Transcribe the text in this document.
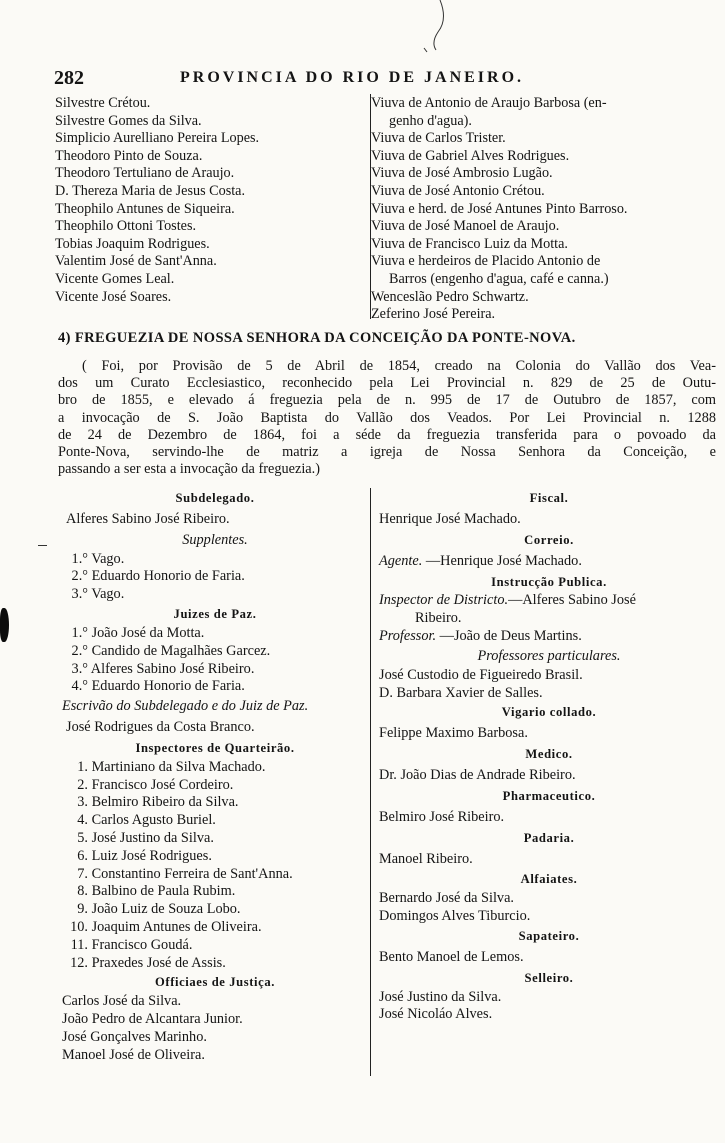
282	PROVINCIA DO RIO DE JANEIRO.
Silvestre Crétou.
Silvestre Gomes da Silva.
Simplicio Aurelliano Pereira Lopes.
Theodoro Pinto de Souza.
Theodoro Tertuliano de Araujo.
D. Thereza Maria de Jesus Costa.
Theophilo Antunes de Siqueira.
Theophilo Ottoni Tostes.
Tobias Joaquim Rodrigues.
Valentim José de Sant'Anna.
Vicente Gomes Leal.
Vicente José Soares.
Viuva de Antonio de Araujo Barbosa (en-
genho d'agua).
Viuva de Carlos Trister.
Viuva de Gabriel Alves Rodrigues.
Viuva de José Ambrosio Lugão.
Viuva de José Antonio Crétou.
Viuva e herd. de José Antunes Pinto Barroso.
Viuva de José Manoel de Araujo.
Viuva de Francisco Luiz da Motta.
Viuva e herdeiros de Placido Antonio de
Barros (engenho d'agua, café e canna.)
Wenceslão Pedro Schwartz.
Zeferino José Pereira.
4) FREGUEZIA DE NOSSA SENHORA DA CONCEIÇÃO DA PONTE-NOVA.
( Foi, por Provisão de 5 de Abril de 1854, creado na Colonia do Vallão dos Vea-
dos um Curato Ecclesiastico, reconhecido pela Lei Provincial n. 829 de 25 de Outu-
bro de 1855, e elevado á freguezia pela de n. 995 de 17 de Outubro de 1857, com
a invocação de S. João Baptista do Vallão dos Veados. Por Lei Provincial n. 1288
de 24 de Dezembro de 1864, foi a séde da freguezia transferida para o povoado da
Ponte-Nova, servindo-lhe de matriz a igreja de Nossa Senhora da Conceição, e
passando a ser esta a invocação da freguezia.)
Subdelegado.
Alferes Sabino José Ribeiro.
Supplentes.
1.° Vago.
2.° Eduardo Honorio de Faria.
3.° Vago.
Juizes de Paz.
1.° João José da Motta.
2.° Candido de Magalhães Garcez.
3.° Alferes Sabino José Ribeiro.
4.° Eduardo Honorio de Faria.
Escrivão do Subdelegado e do Juiz de Paz.
José Rodrigues da Costa Branco.
Inspectores de Quarteirão.
1. Martiniano da Silva Machado.
2. Francisco José Cordeiro.
3. Belmiro Ribeiro da Silva.
4. Carlos Agusto Buriel.
5. José Justino da Silva.
6. Luiz José Rodrigues.
7. Constantino Ferreira de Sant'Anna.
8. Balbino de Paula Rubim.
9. João Luiz de Souza Lobo.
10. Joaquim Antunes de Oliveira.
11. Francisco Goudá.
12. Praxedes José de Assis.
Officiaes de Justiça.
Carlos José da Silva.
João Pedro de Alcantara Junior.
José Gonçalves Marinho.
Manoel José de Oliveira.
Fiscal.
Henrique José Machado.
Correio.
Agente. —Henrique José Machado.
Instrucção Publica.
Inspector de Districto.—Alferes Sabino José
Ribeiro.
Professor. —João de Deus Martins.
Professores particulares.
José Custodio de Figueiredo Brasil.
D. Barbara Xavier de Salles.
Vigario collado.
Felippe Maximo Barbosa.
Medico.
Dr. João Dias de Andrade Ribeiro.
Pharmaceutico.
Belmiro José Ribeiro.
Padaria.
Manoel Ribeiro.
Alfaiates.
Bernardo José da Silva.
Domingos Alves Tiburcio.
Sapateiro.
Bento Manoel de Lemos.
Selleiro.
José Justino da Silva.
José Nicoláo Alves.
